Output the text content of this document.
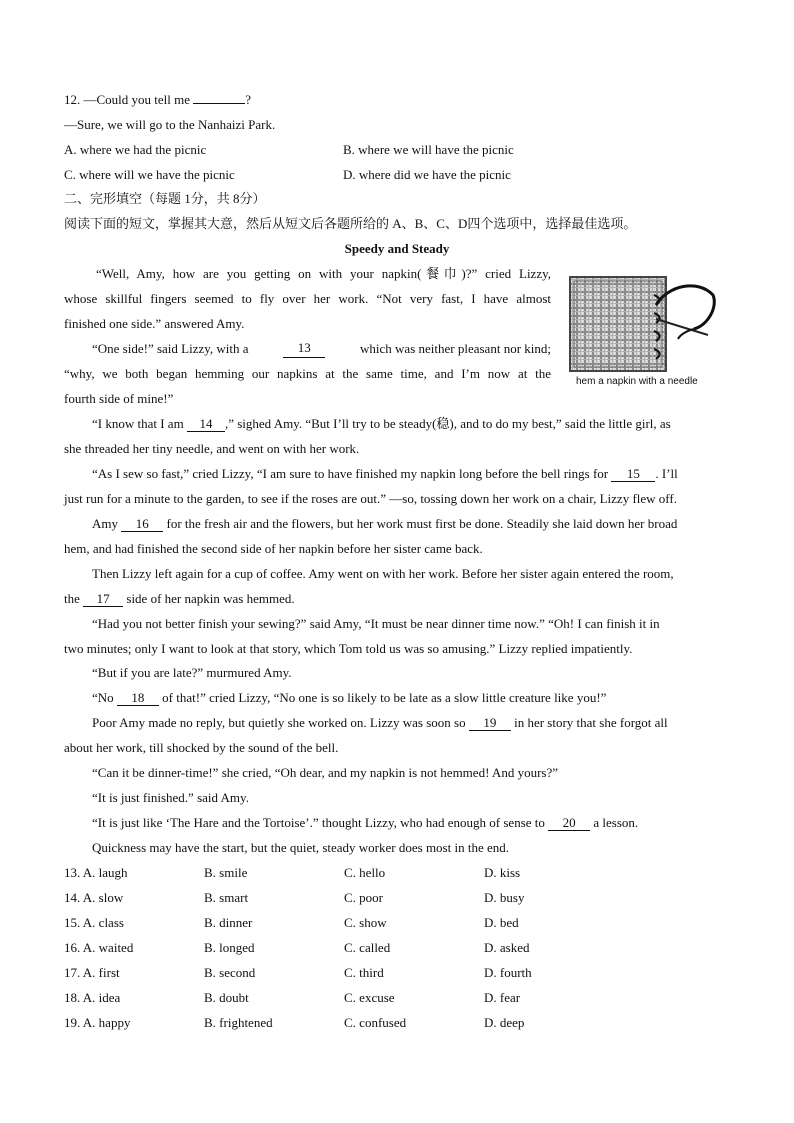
12. —Could you tell me	?
—Sure, we will go to the Nanhaizi Park.
A. where we had the picnic	B. where we will have the picnic
C. where will we have the picnic	D. where did we have the picnic
二、完形填空（每题 1分，共 8分）
阅读下面的短文，掌握其大意，然后从短文后各题所给的 A、B、C、D四个选项中，选择最佳选项。
Speedy and Steady
hem a napkin with a needle
“Well, Amy, how are you getting on with your napkin(餐巾)?” cried Lizzy,
whose skillful fingers seemed to fly over her work. “Not very fast, I have almost
finished one side.” answered Amy.
“One side!” said Lizzy, with a	13	which was neither pleasant nor kind;
“why, we both began hemming our napkins at the same time, and I’m now at the
fourth side of mine!”
“I know that I am 14 ,” sighed Amy. “But I’ll try to be steady(稳), and to do my best,” said the little girl, as
she threaded her tiny needle, and went on with her work.
“As I sew so fast,” cried Lizzy, “I am sure to have finished my napkin long before the bell rings for 15 . I’ll
just run for a minute to the garden, to see if the roses are out.” —so, tossing down her work on a chair, Lizzy flew off.
Amy 16 for the fresh air and the flowers, but her work must first be done. Steadily she laid down her broad
hem, and had finished the second side of her napkin before her sister came back.
Then Lizzy left again for a cup of coffee. Amy went on with her work. Before her sister again entered the room,
the 17 side of her napkin was hemmed.
“Had you not better finish your sewing?” said Amy, “It must be near dinner time now.” “Oh! I can finish it in
two minutes; only I want to look at that story, which Tom told us was so amusing.” Lizzy replied impatiently.
“But if you are late?” murmured Amy.
“No 18 of that!” cried Lizzy, “No one is so likely to be late as a slow little creature like you!”
Poor Amy made no reply, but quietly she worked on. Lizzy was soon so 19 in her story that she forgot all
about her work, till shocked by the sound of the bell.
“Can it be dinner-time!” she cried, “Oh dear, and my napkin is not hemmed! And yours?”
“It is just finished.” said Amy.
“It is just like ‘The Hare and the Tortoise’.” thought Lizzy, who had enough of sense to 20 a lesson.
Quickness may have the start, but the quiet, steady worker does most in the end.
13. A. laugh	B. smile	C. hello	D. kiss
14. A. slow	B. smart	C. poor	D. busy
15. A. class	B. dinner	C. show	D. bed
16. A. waited	B. longed	C. called	D. asked
17. A. first	B. second	C. third	D. fourth
18. A. idea	B. doubt	C. excuse	D. fear
19. A. happy	B. frightened	C. confused	D. deep
